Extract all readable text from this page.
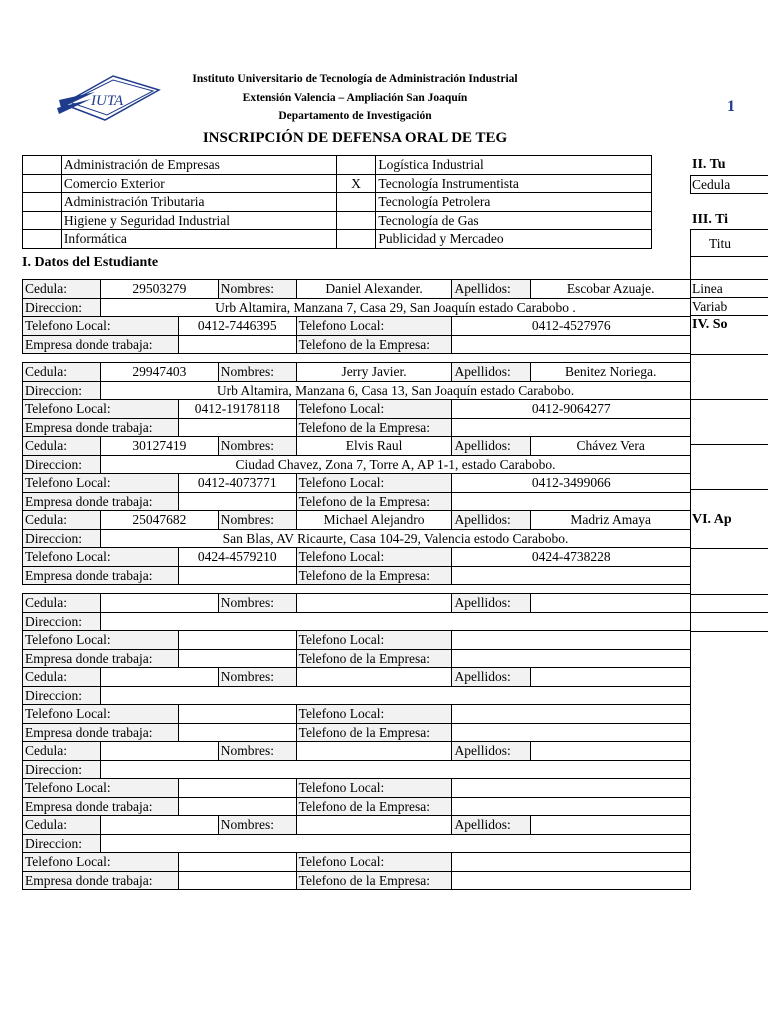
IUTA
Instituto Universitario de Tecnología de Administración Industrial
Extensión Valencia – Ampliación San Joaquín
Departamento de Investigación
INSCRIPCIÓN DE DEFENSA ORAL DE TEG
1
	Administración de Empresas		Logística Industrial
	Comercio Exterior	X	Tecnología Instrumentista
	Administración Tributaria		Tecnología Petrolera
	Higiene y Seguridad Industrial		Tecnología de Gas
	Informática		Publicidad y Mercadeo
I. Datos del Estudiante
Cedula:	29503279		Nombres:	Daniel Alexander.	Apellidos:	Escobar Azuaje.
Direccion:	Urb Altamira, Manzana 7, Casa 29, San Joaquín estado Carabobo .					
Telefono Local:		0412-7446395		Telefono Local:	0412-4527976	
Empresa donde trabaja:				Telefono de la Empresa:		

Cedula:	29947403		Nombres:	Jerry Javier.	Apellidos:	Benitez Noriega.
Direccion:	Urb Altamira, Manzana 6, Casa 13, San Joaquín estado Carabobo.					
Telefono Local:		0412-19178118		Telefono Local:	0412-9064277	
Empresa donde trabaja:				Telefono de la Empresa:		
Cedula:	30127419		Nombres:	Elvis Raul	Apellidos:	Chávez Vera
Direccion:	Ciudad Chavez, Zona 7, Torre A, AP 1-1, estado Carabobo.					
Telefono Local:		0412-4073771		Telefono Local:	0412-3499066	
Empresa donde trabaja:				Telefono de la Empresa:		
Cedula:	25047682		Nombres:	Michael Alejandro	Apellidos:	Madriz Amaya
Direccion:	San Blas, AV Ricaurte, Casa 104-29, Valencia estodo Carabobo.					
Telefono Local:		0424-4579210		Telefono Local:	0424-4738228	
Empresa donde trabaja:				Telefono de la Empresa:		

Cedula:			Nombres:		Apellidos:	
Direccion:						
Telefono Local:				Telefono Local:		
Empresa donde trabaja:				Telefono de la Empresa:		
Cedula:			Nombres:		Apellidos:	
Direccion:						
Telefono Local:				Telefono Local:		
Empresa donde trabaja:				Telefono de la Empresa:		
Cedula:			Nombres:		Apellidos:	
Direccion:						
Telefono Local:				Telefono Local:		
Empresa donde trabaja:				Telefono de la Empresa:		
Cedula:			Nombres:		Apellidos:	
Direccion:						
Telefono Local:				Telefono Local:		
Empresa donde trabaja:				Telefono de la Empresa:		
II. Tu
Cedula
III. Ti
Titu
Linea
Variab
IV. So
VI. Ap
